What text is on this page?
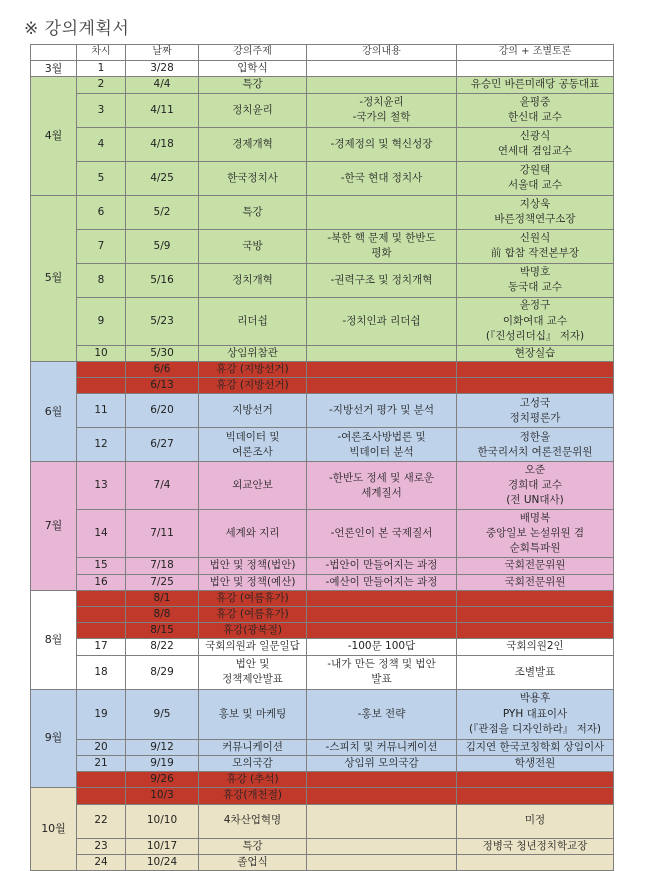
※ 강의계획서
	차시	날짜	강의주제	강의내용	강의 + 조별토론
3월	1	3/28	입학식		

4월	2	4/4	특강		유승민 바른미래당 공동대표

	3	4/11	정치윤리	-정치윤리
-국가의 철학	윤평중
한신대 교수

	4	4/18	경제개혁	-경제정의 및 혁신성장	신광식
연세대 겸임교수

	5	4/25	한국정치사	-한국 현대 정치사	강원택
서울대 교수

5월	6	5/2	특강		지상욱
바른정책연구소장

	7	5/9	국방	-북한 핵 문제 및 한반도
평화	신원식
前 합참 작전본부장

	8	5/16	정치개혁	-권력구조 및 정치개혁	박명호
동국대 교수

	9	5/23	리더쉽	-정치인과 리더쉽	윤정구
이화여대 교수
(『진성리더십』 저자)

	10	5/30	상임위참관		현장실습

6월		6/6	휴강 (지방선거)		

		6/13	휴강 (지방선거)		

	11	6/20	지방선거	-지방선거 평가 및 분석	고성국
정치평론가

	12	6/27	빅데이터 및
여론조사	-여론조사방법론 및
빅데이터 분석	정한울
한국리서치 여론전문위원

7월	13	7/4	외교안보	-한반도 정세 및 새로운
세계질서	오준
경희대 교수
(전 UN대사)

	14	7/11	세계와 지리	-언론인이 본 국제질서	배명복
중앙일보 논설위원 겸
순회특파원

	15	7/18	법안 및 정책(법안)	-법안이 만들어지는 과정	국회전문위원

	16	7/25	법안 및 정책(예산)	-예산이 만들어지는 과정	국회전문위원

8월		8/1	휴강 (여름휴가)		

		8/8	휴강 (여름휴가)		

		8/15	휴강(광복절)		

	17	8/22	국회의원과 일문일답	-100문 100답	국회의원2인

	18	8/29	법안 및
정책제안발표	-내가 만든 정책 및 법안
발표	조별발표

9월	19	9/5	홍보 및 마케팅	-홍보 전략	박용후
PYH 대표이사
(『관점을 디자인하라』 저자)

	20	9/12	커뮤니케이션	-스피치 및 커뮤니케이션	김지연 한국코칭학회 상임이사

	21	9/19	모의국감	상임위 모의국감	학생전원

		9/26	휴강 (추석)		

10월		10/3	휴강(개천절)		

	22	10/10	4차산업혁명		미정

	23	10/17	특강		정병국 청년정치학교장

	24	10/24	졸업식		
